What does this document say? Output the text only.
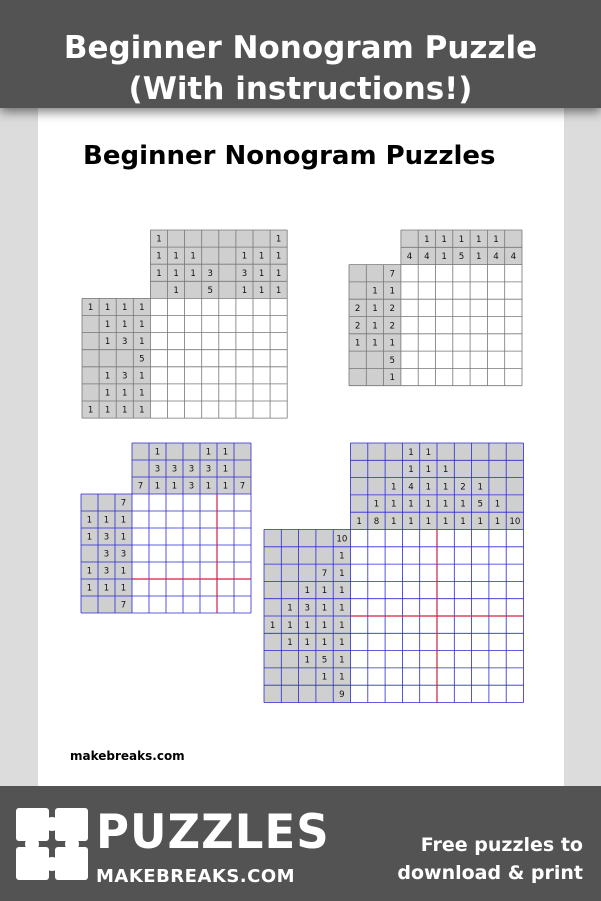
Beginner Nonogram Puzzle
(With instructions!)
Beginner Nonogram Puzzles
1
1
1
1
1
1
1
1 3
5
1
3
1
1
1
1
1
1
1
1
1 1 1 1
1 1 1
1 3 1
5
1 3 1
1 1 1
1 1 1 1
4
1
4
1
1
1
5
1
1
1
4 4
7
1 1
2 1 2
2 1 2
1 1 1
5
1
7
1
3
1
3
1
3
3
1
3
1
1
1
1 7
7
1 1 1
1 3 1
3 3
1 3 1
1 1 1
7
1
1
8
1
1
1
1
1
4
1
1
1
1
1
1
1
1
1
1
1
2
1
1
1
5
1
1
1 10
10
1
7 1
1 1 1
1 3 1 1
1 1 1 1 1
1 1 1 1
1 5 1
1 1
9
makebreaks.com
PUZZLES
MAKEBREAKS.COM
Free puzzles to
download & print
